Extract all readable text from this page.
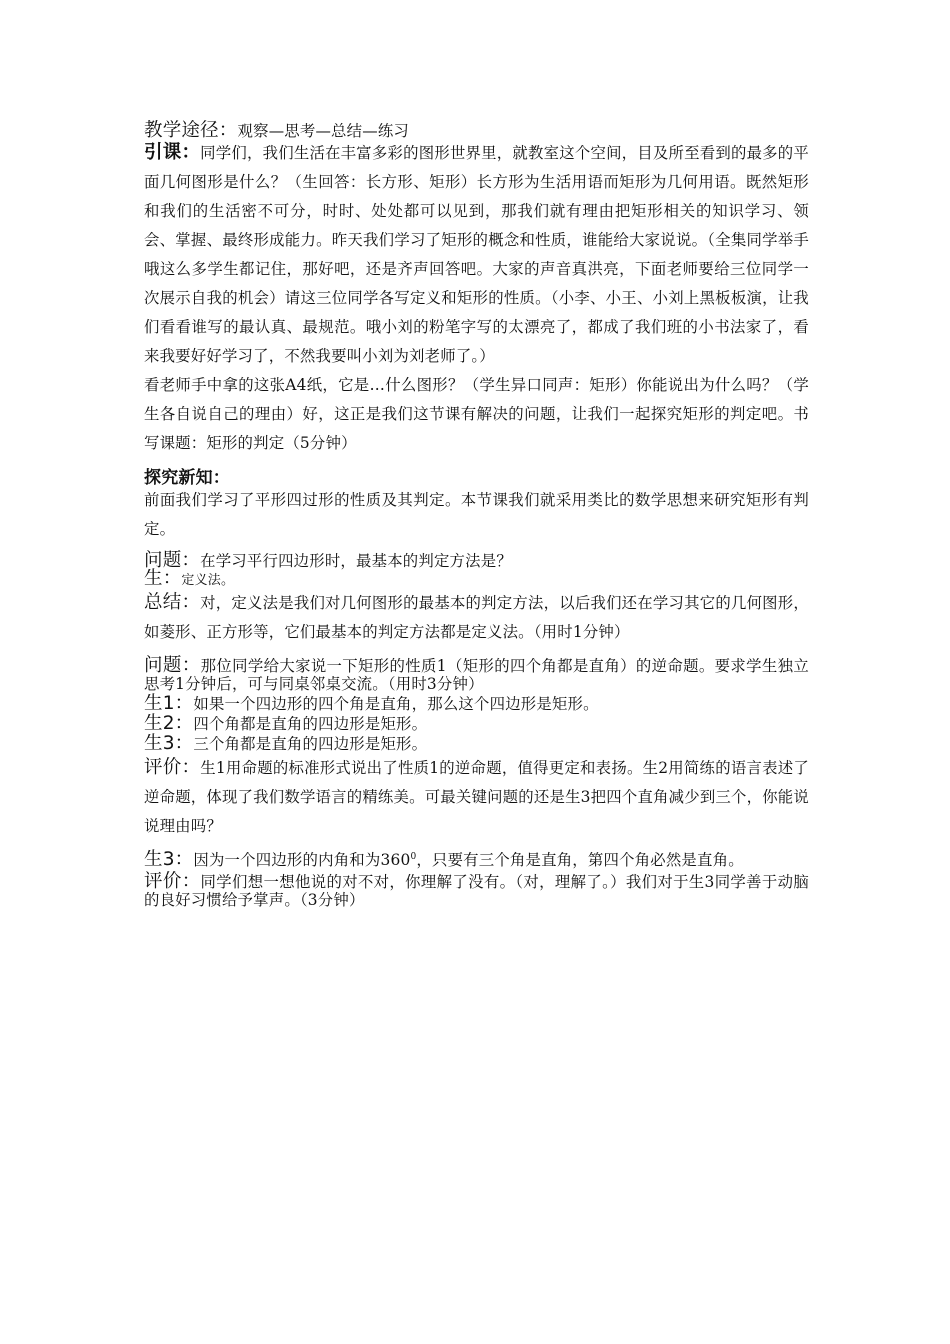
教学途径：观察—思考—总结—练习

引课：同学们，我们生活在丰富多彩的图形世界里，就教室这个空间，目及所至看到的最多的平面几何图形是什么？（生回答：长方形、矩形）长方形为生活用语而矩形为几何用语。既然矩形和我们的生活密不可分，时时、处处都可以见到，那我们就有理由把矩形相关的知识学习、领会、掌握、最终形成能力。昨天我们学习了矩形的概念和性质，谁能给大家说说。（全集同学举手哦这么多学生都记住，那好吧，还是齐声回答吧。大家的声音真洪亮，下面老师要给三位同学一次展示自我的机会）请这三位同学各写定义和矩形的性质。（小李、小王、小刘上黑板板演，让我们看看谁写的最认真、最规范。哦小刘的粉笔字写的太漂亮了，都成了我们班的小书法家了，看来我要好好学习了，不然我要叫小刘为刘老师了。）

看老师手中拿的这张A4纸，它是…什么图形？（学生异口同声：矩形）你能说出为什么吗？（学生各自说自己的理由）好，这正是我们这节课有解决的问题，让我们一起探究矩形的判定吧。书写课题：矩形的判定（5分钟）

探究新知：

前面我们学习了平形四过形的性质及其判定。本节课我们就采用类比的数学思想来研究矩形有判定。

问题：在学习平行四边形时，最基本的判定方法是？

生：定义法。

总结：对，定义法是我们对几何图形的最基本的判定方法，以后我们还在学习其它的几何图形，如菱形、正方形等，它们最基本的判定方法都是定义法。（用时1分钟）

问题：那位同学给大家说一下矩形的性质1（矩形的四个角都是直角）的逆命题。要求学生独立思考1分钟后，可与同桌邻桌交流。（用时3分钟）

生1：如果一个四边形的四个角是直角，那么这个四边形是矩形。

生2：四个角都是直角的四边形是矩形。

生3：三个角都是直角的四边形是矩形。

评价：生1用命题的标准形式说出了性质1的逆命题，值得更定和表扬。生2用简练的语言表述了逆命题，体现了我们数学语言的精练美。可最关键问题的还是生3把四个直角减少到三个，你能说说理由吗？

生3：因为一个四边形的内角和为$360^0$，只要有三个角是直角，第四个角必然是直角。

评价：同学们想一想他说的对不对，你理解了没有。（对，理解了。）我们对于生3同学善于动脑的良好习惯给予掌声。（3分钟）
